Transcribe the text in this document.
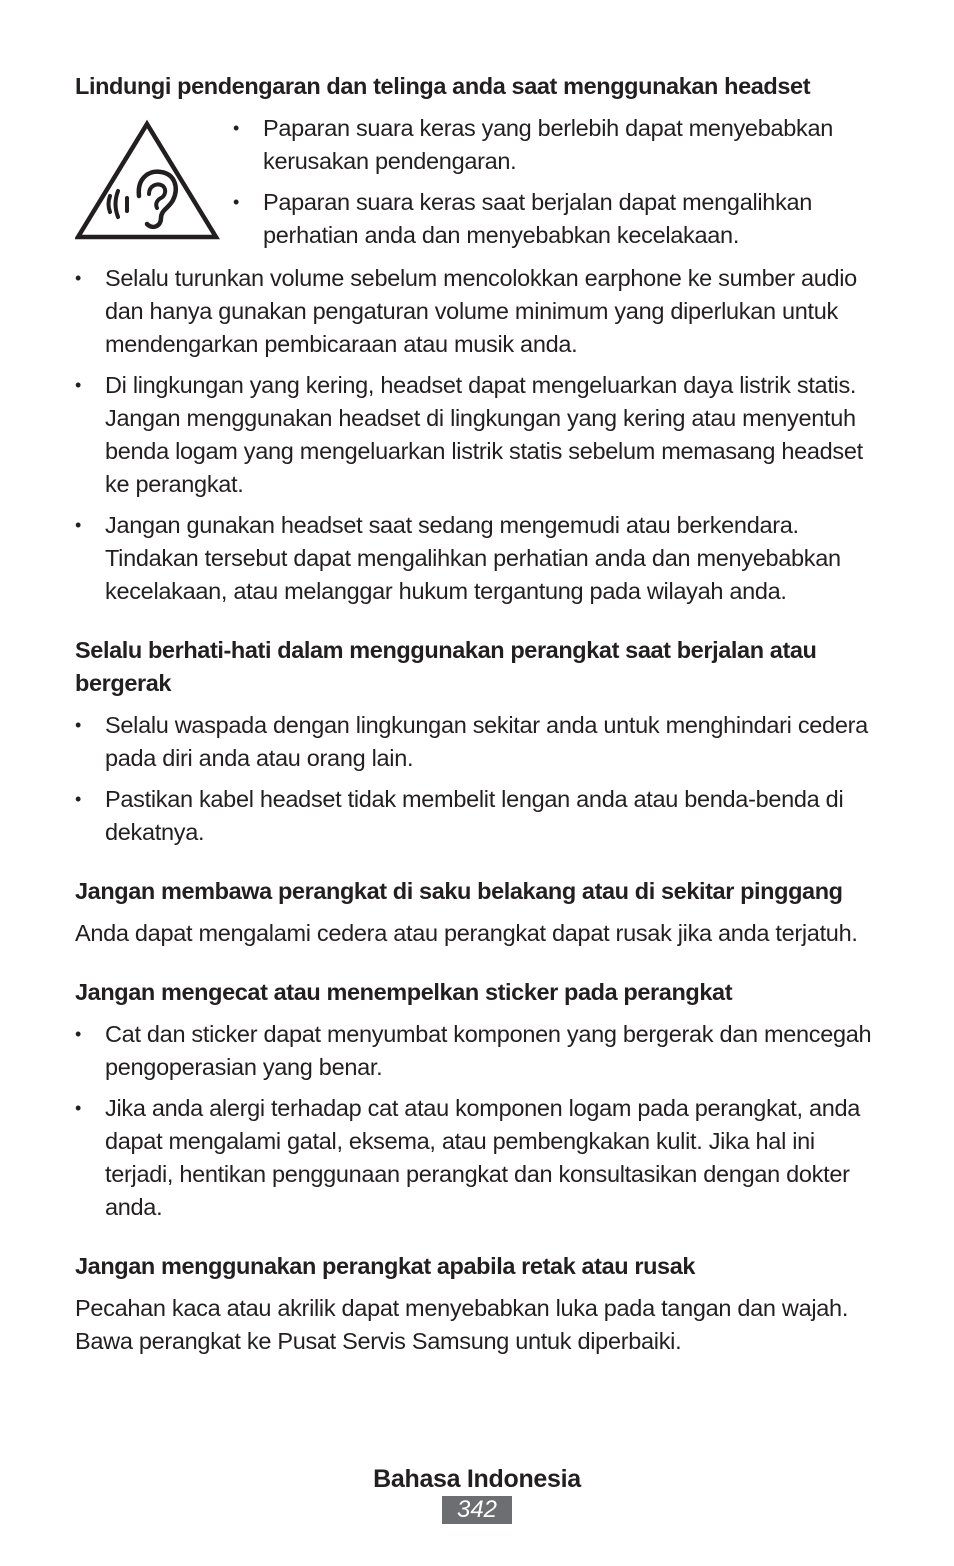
Lindungi pendengaran dan telinga anda saat menggunakan headset
• Paparan suara keras yang berlebih dapat menyebabkan kerusakan pendengaran.
• Paparan suara keras saat berjalan dapat mengalihkan perhatian anda dan menyebabkan kecelakaan.
• Selalu turunkan volume sebelum mencolokkan earphone ke sumber audio dan hanya gunakan pengaturan volume minimum yang diperlukan untuk mendengarkan pembicaraan atau musik anda.
• Di lingkungan yang kering, headset dapat mengeluarkan daya listrik statis. Jangan menggunakan headset di lingkungan yang kering atau menyentuh benda logam yang mengeluarkan listrik statis sebelum memasang headset ke perangkat.
• Jangan gunakan headset saat sedang mengemudi atau berkendara. Tindakan tersebut dapat mengalihkan perhatian anda dan menyebabkan kecelakaan, atau melanggar hukum tergantung pada wilayah anda.
Selalu berhati-hati dalam menggunakan perangkat saat berjalan atau bergerak
• Selalu waspada dengan lingkungan sekitar anda untuk menghindari cedera pada diri anda atau orang lain.
• Pastikan kabel headset tidak membelit lengan anda atau benda-benda di dekatnya.
Jangan membawa perangkat di saku belakang atau di sekitar pinggang

Anda dapat mengalami cedera atau perangkat dapat rusak jika anda terjatuh.

Jangan mengecat atau menempelkan sticker pada perangkat
• Cat dan sticker dapat menyumbat komponen yang bergerak dan mencegah pengoperasian yang benar.
• Jika anda alergi terhadap cat atau komponen logam pada perangkat, anda dapat mengalami gatal, eksema, atau pembengkakan kulit. Jika hal ini terjadi, hentikan penggunaan perangkat dan konsultasikan dengan dokter anda.
Jangan menggunakan perangkat apabila retak atau rusak

Pecahan kaca atau akrilik dapat menyebabkan luka pada tangan dan wajah. Bawa perangkat ke Pusat Servis Samsung untuk diperbaiki.

Bahasa Indonesia
342
